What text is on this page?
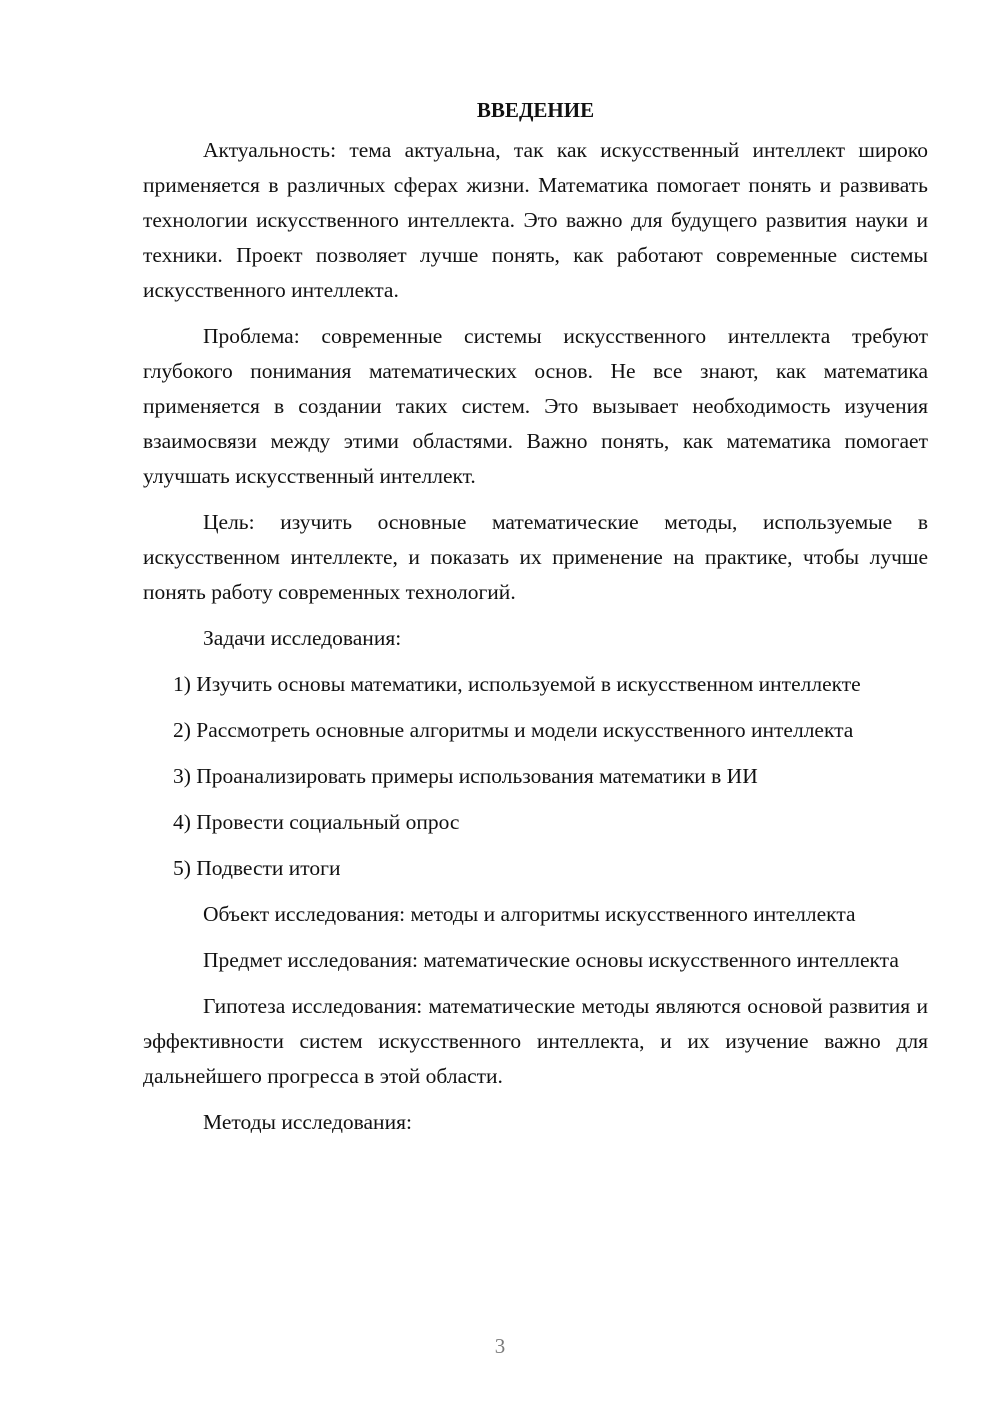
ВВЕДЕНИЕ

Актуальность: тема актуальна, так как искусственный интеллект широко применяется в различных сферах жизни. Математика помогает понять и развивать технологии искусственного интеллекта. Это важно для будущего развития науки и техники. Проект позволяет лучше понять, как работают современные системы искусственного интеллекта.

Проблема: современные системы искусственного интеллекта требуют глубокого понимания математических основ. Не все знают, как математика применяется в создании таких систем. Это вызывает необходимость изучения взаимосвязи между этими областями. Важно понять, как математика помогает улучшать искусственный интеллект.

Цель: изучить основные математические методы, используемые в искусственном интеллекте, и показать их применение на практике, чтобы лучше понять работу современных технологий.

Задачи исследования:

1) Изучить основы математики, используемой в искусственном интеллекте

2) Рассмотреть основные алгоритмы и модели искусственного интеллекта

3) Проанализировать примеры использования математики в ИИ

4) Провести социальный опрос

5) Подвести итоги

Объект исследования: методы и алгоритмы искусственного интеллекта

Предмет исследования: математические основы искусственного интеллекта

Гипотеза исследования: математические методы являются основой развития и эффективности систем искусственного интеллекта, и их изучение важно для дальнейшего прогресса в этой области.

Методы исследования:

3
